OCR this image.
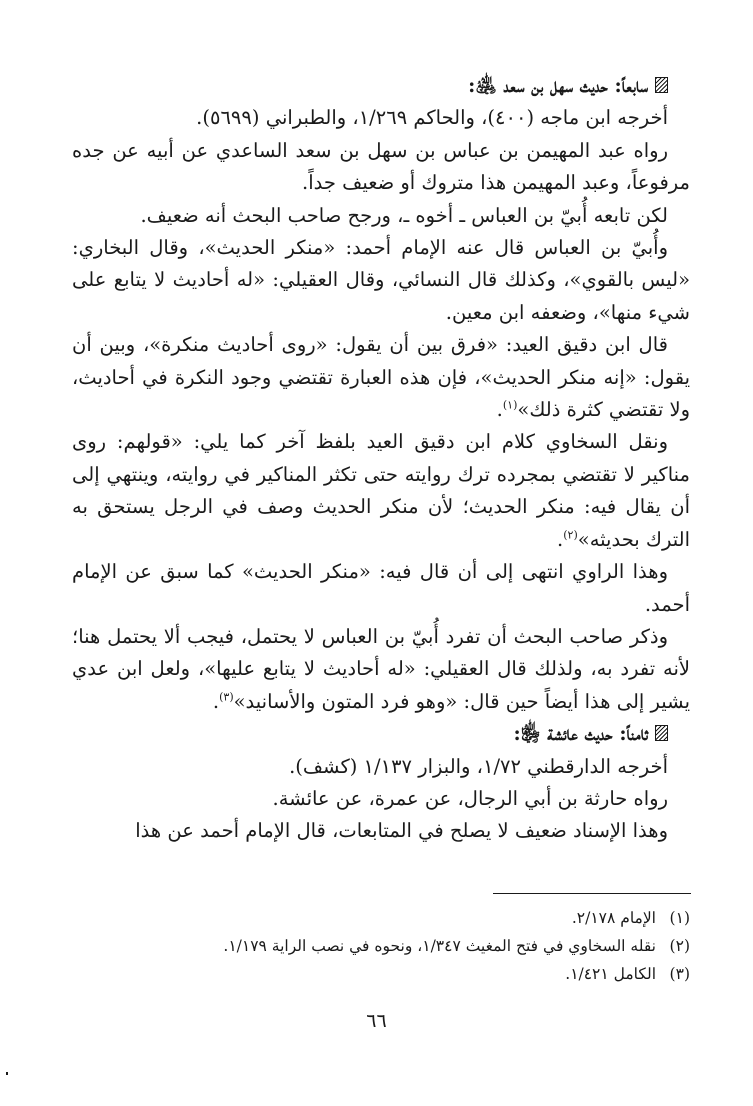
سابعاً: حديث سهل بن سعد ﵁:

أخرجه ابن ماجه (٤٠٠)، والحاكم ١/٢٦٩، والطبراني (٥٦٩٩).

رواه عبد المهيمن بن عباس بن سهل بن سعد الساعدي عن أبيه عن جده مرفوعاً، وعبد المهيمن هذا متروك أو ضعيف جداً.

لكن تابعه أُبيّ بن العباس ـ أخوه ـ، ورجح صاحب البحث أنه ضعيف.

وأُبيّ بن العباس قال عنه الإمام أحمد: «منكر الحديث»، وقال البخاري: «ليس بالقوي»، وكذلك قال النسائي، وقال العقيلي: «له أحاديث لا يتابع على شيء منها»، وضعفه ابن معين.

قال ابن دقيق العيد: «فرق بين أن يقول: «روى أحاديث منكرة»، وبين أن يقول: «إنه منكر الحديث»، فإن هذه العبارة تقتضي وجود النكرة في أحاديث، ولا تقتضي كثرة ذلك»$^{(١)}$.

ونقل السخاوي كلام ابن دقيق العيد بلفظ آخر كما يلي: «قولهم: روى مناكير لا تقتضي بمجرده ترك روايته حتى تكثر المناكير في روايته، وينتهي إلى أن يقال فيه: منكر الحديث؛ لأن منكر الحديث وصف في الرجل يستحق به الترك بحديثه»$^{(٢)}$.

وهذا الراوي انتهى إلى أن قال فيه: «منكر الحديث» كما سبق عن الإمام أحمد.

وذكر صاحب البحث أن تفرد أُبيّ بن العباس لا يحتمل، فيجب ألا يحتمل هنا؛ لأنه تفرد به، ولذلك قال العقيلي: «له أحاديث لا يتابع عليها»، ولعل ابن عدي يشير إلى هذا أيضاً حين قال: «وهو فرد المتون والأسانيد»$^{(٣)}$.

ثامناً: حديث عائشة ﵂:

أخرجه الدارقطني ١/٧٢، والبزار ١/١٣٧ (كشف).

رواه حارثة بن أبي الرجال، عن عمرة، عن عائشة.

وهذا الإسناد ضعيف لا يصلح في المتابعات، قال الإمام أحمد عن هذا

(١)الإمام ٢/١٧٨.

(٢)نقله السخاوي في فتح المغيث ١/٣٤٧، ونحوه في نصب الراية ١/١٧٩.

(٣)الكامل ١/٤٢١.

٦٦
